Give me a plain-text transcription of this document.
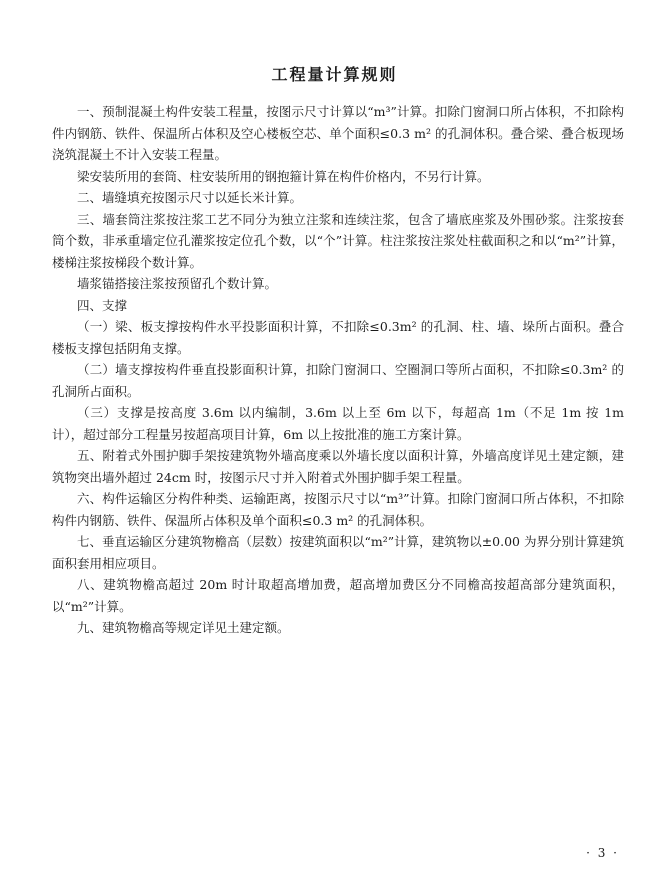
工程量计算规则

一、预制混凝土构件安装工程量，按图示尺寸计算以“m³”计算。扣除门窗洞口所占体积，不扣除构件内钢筋、铁件、保温所占体积及空心楼板空芯、单个面积≤0.3 m² 的孔洞体积。叠合梁、叠合板现场浇筑混凝土不计入安装工程量。

梁安装所用的套筒、柱安装所用的钢抱箍计算在构件价格内，不另行计算。

二、墙缝填充按图示尺寸以延长米计算。

三、墙套筒注浆按注浆工艺不同分为独立注浆和连续注浆，包含了墙底座浆及外围砂浆。注浆按套筒个数，非承重墙定位孔灌浆按定位孔个数，以“个”计算。柱注浆按注浆处柱截面积之和以“m²”计算，楼梯注浆按梯段个数计算。

墙浆锚搭接注浆按预留孔个数计算。

四、支撑

（一）梁、板支撑按构件水平投影面积计算，不扣除≤0.3m² 的孔洞、柱、墙、垛所占面积。叠合楼板支撑包括阴角支撑。

（二）墙支撑按构件垂直投影面积计算，扣除门窗洞口、空圈洞口等所占面积，不扣除≤0.3m² 的孔洞所占面积。

（三）支撑是按高度 3.6m 以内编制，3.6m 以上至 6m 以下，每超高 1m（不足 1m 按 1m 计），超过部分工程量另按超高项目计算，6m 以上按批准的施工方案计算。

五、附着式外围护脚手架按建筑物外墙高度乘以外墙长度以面积计算，外墙高度详见土建定额，建筑物突出墙外超过 24cm 时，按图示尺寸并入附着式外围护脚手架工程量。

六、构件运输区分构件种类、运输距离，按图示尺寸以“m³”计算。扣除门窗洞口所占体积，不扣除构件内钢筋、铁件、保温所占体积及单个面积≤0.3 m² 的孔洞体积。

七、垂直运输区分建筑物檐高（层数）按建筑面积以“m²”计算，建筑物以±0.00 为界分别计算建筑面积套用相应项目。

八、建筑物檐高超过 20m 时计取超高增加费，超高增加费区分不同檐高按超高部分建筑面积，以“m²”计算。

九、建筑物檐高等规定详见土建定额。

· 3 ·
